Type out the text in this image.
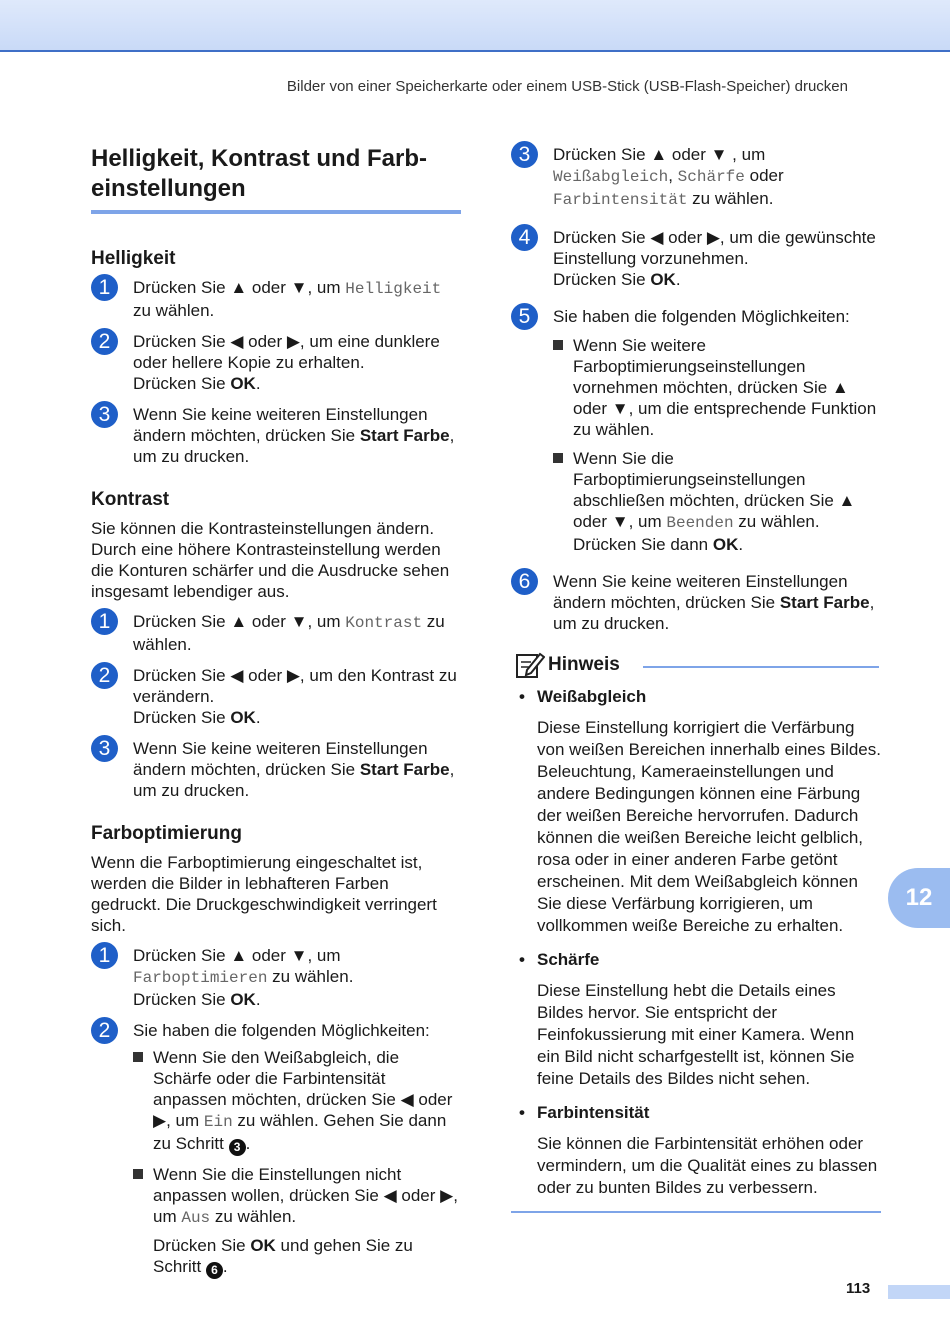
Bilder von einer Speicherkarte oder einem USB-Stick (USB-Flash-Speicher) drucken
Helligkeit, Kontrast und Farb-
einstellungen
Helligkeit
1	Drücken Sie ▲ oder ▼, um Helligkeit zu wählen.
2	Drücken Sie ◀ oder ▶, um eine dunklere oder hellere Kopie zu erhalten.
Drücken Sie OK.
3	Wenn Sie keine weiteren Einstellungen ändern möchten, drücken Sie Start Farbe, um zu drucken.
Kontrast

Sie können die Kontrasteinstellungen ändern. Durch eine höhere Kontrasteinstellung werden die Konturen schärfer und die Ausdrucke sehen insgesamt lebendiger aus.

1	Drücken Sie ▲ oder ▼, um Kontrast zu wählen.
2	Drücken Sie ◀ oder ▶, um den Kontrast zu verändern.
Drücken Sie OK.
3	Wenn Sie keine weiteren Einstellungen ändern möchten, drücken Sie Start Farbe, um zu drucken.
Farboptimierung

Wenn die Farboptimierung eingeschaltet ist, werden die Bilder in lebhafteren Farben gedruckt. Die Druckgeschwindigkeit verringert sich.

1	Drücken Sie ▲ oder ▼, um Farboptimieren zu wählen.
Drücken Sie OK.
2	Sie haben die folgenden Möglichkeiten:
Wenn Sie den Weißabgleich, die Schärfe oder die Farbintensität anpassen möchten, drücken Sie ◀ oder ▶, um Ein zu wählen. Gehen Sie dann zu Schritt 3 .
Wenn Sie die Einstellungen nicht anpassen wollen, drücken Sie ◀ oder ▶, um Aus zu wählen.
Drücken Sie OK und gehen Sie zu Schritt 6 .
3	Drücken Sie ▲ oder ▼ , um Weißabgleich, Schärfe oder Farbintensität zu wählen.
4	Drücken Sie ◀ oder ▶, um die gewünschte Einstellung vorzunehmen.
Drücken Sie OK.
5	Sie haben die folgenden Möglichkeiten:
Wenn Sie weitere Farboptimierungseinstellungen vornehmen möchten, drücken Sie ▲ oder ▼, um die entsprechende Funktion zu wählen.
Wenn Sie die Farboptimierungseinstellungen abschließen möchten, drücken Sie ▲ oder ▼, um Beenden zu wählen. Drücken Sie dann OK.
6	Wenn Sie keine weiteren Einstellungen ändern möchten, drücken Sie Start Farbe, um zu drucken.
Hinweis
• Weißabgleich

Diese Einstellung korrigiert die Verfärbung von weißen Bereichen innerhalb eines Bildes. Beleuchtung, Kameraeinstellungen und andere Bedingungen können eine Färbung der weißen Bereiche hervorrufen. Dadurch können die weißen Bereiche leicht gelblich, rosa oder in einer anderen Farbe getönt erscheinen. Mit dem Weißabgleich können Sie diese Verfärbung korrigieren, um vollkommen weiße Bereiche zu erhalten.

• Schärfe

Diese Einstellung hebt die Details eines Bildes hervor. Sie entspricht der Feinfokussierung mit einer Kamera. Wenn ein Bild nicht scharfgestellt ist, können Sie feine Details des Bildes nicht sehen.

• Farbintensität

Sie können die Farbintensität erhöhen oder vermindern, um die Qualität eines zu blassen oder zu bunten Bildes zu verbessern.

12
113
